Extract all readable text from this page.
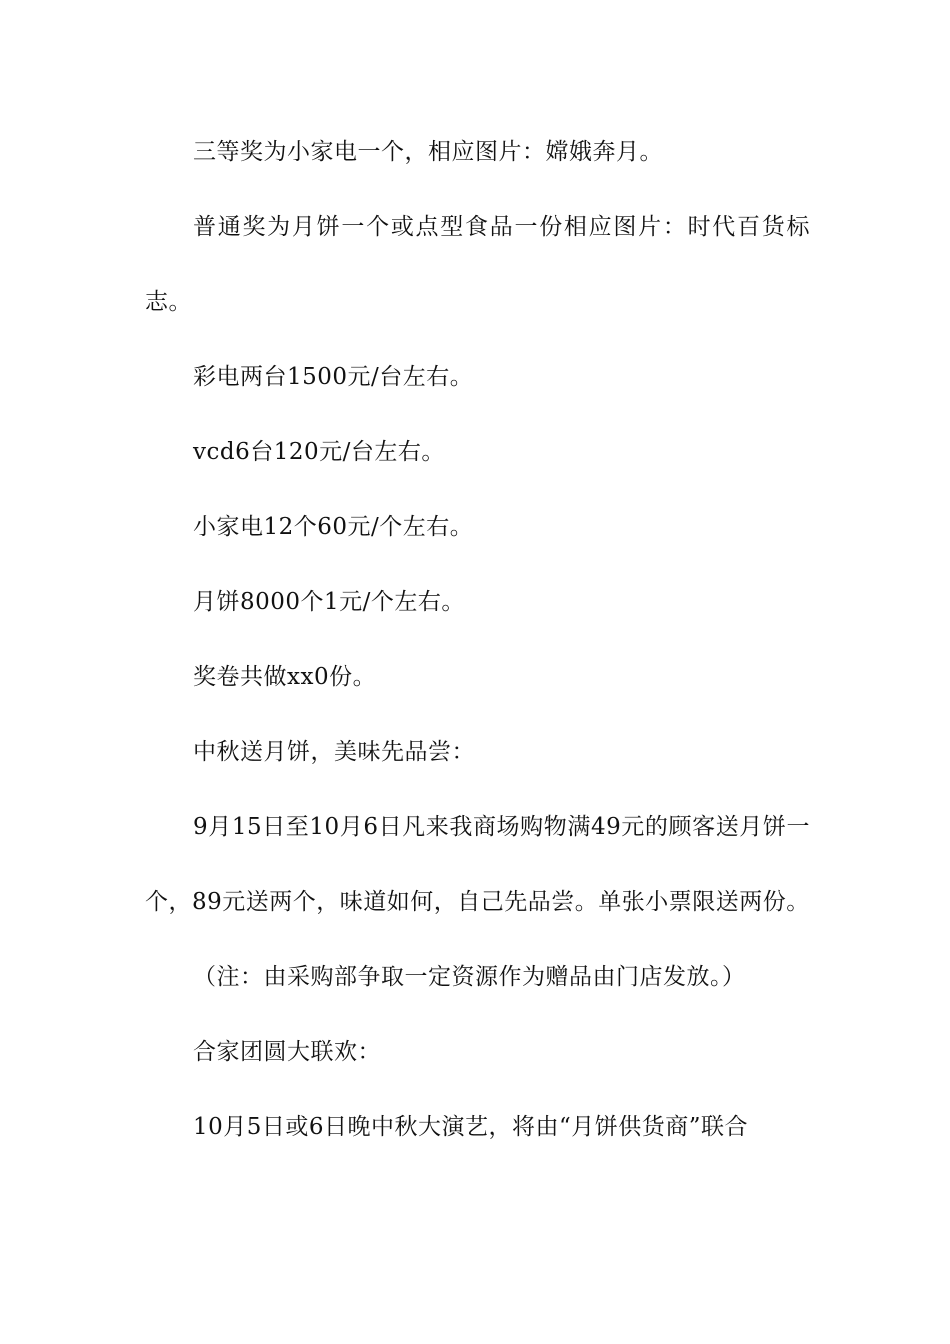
三等奖为小家电一个，相应图片：嫦娥奔月。

普通奖为月饼一个或点型食品一份相应图片：时代百货标志。

彩电两台1500元/台左右。

vcd6台120元/台左右。

小家电12个60元/个左右。

月饼8000个1元/个左右。

奖卷共做xx0份。

中秋送月饼，美味先品尝：

9月15日至10月6日凡来我商场购物满49元的顾客送月饼一个，89元送两个，味道如何，自己先品尝。单张小票限送两份。

（注：由采购部争取一定资源作为赠品由门店发放。）

合家团圆大联欢：

10月5日或6日晚中秋大演艺，将由“月饼供货商”联合
